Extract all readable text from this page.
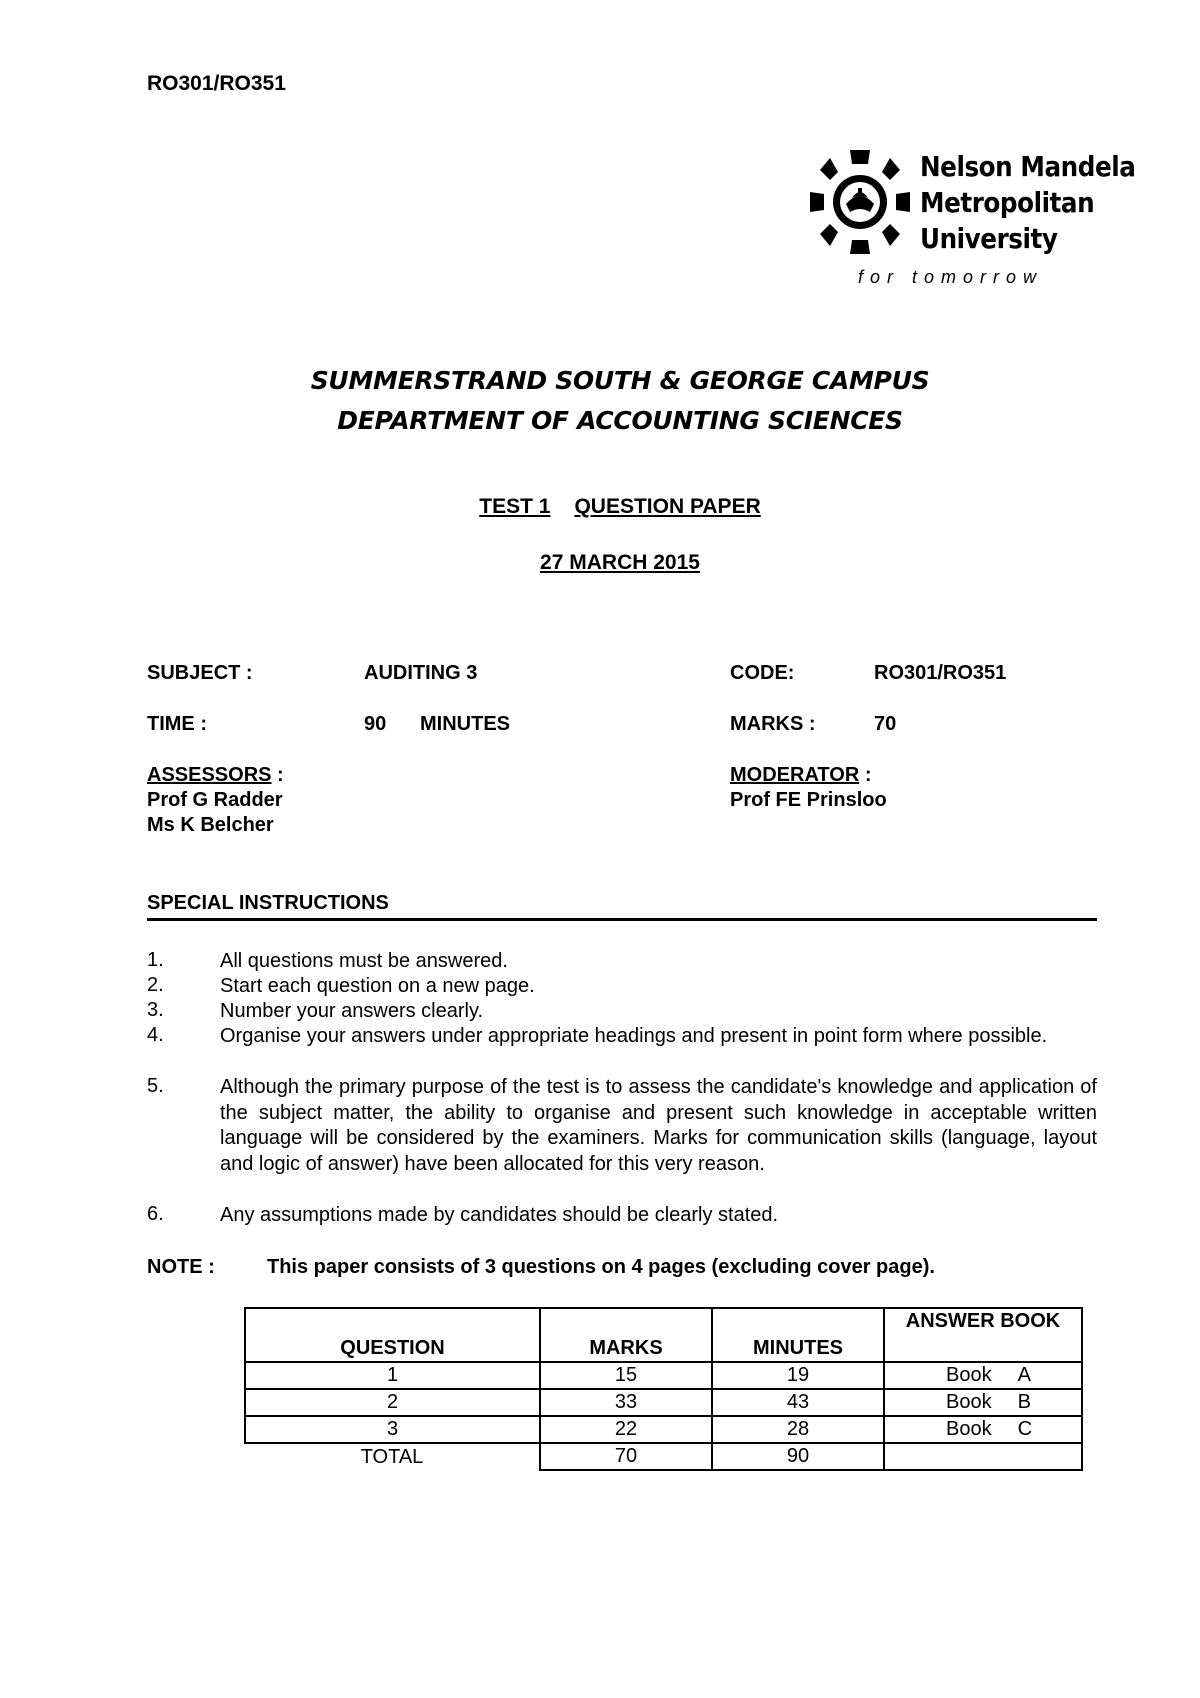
RO301/RO351
Nelson Mandela
Metropolitan
University
for tomorrow
SUMMERSTRAND SOUTH & GEORGE CAMPUS
DEPARTMENT OF ACCOUNTING SCIENCES
TEST 1 QUESTION PAPER
27 MARCH 2015
SUBJECT :	AUDITING 3	CODE:	RO301/RO351
TIME :	90 MINUTES	MARKS :	70
ASSESSORS :
Prof G Radder
Ms K Belcher
MODERATOR :
Prof FE Prinsloo
SPECIAL INSTRUCTIONS
1.	All questions must be answered.
2.	Start each question on a new page.
3.	Number your answers clearly.
4.	Organise your answers under appropriate headings and present in point form where possible.
5.	Although the primary purpose of the test is to assess the candidate's knowledge and application of the subject matter, the ability to organise and present such knowledge in acceptable written language will be considered by the examiners. Marks for communication skills (language, layout and logic of answer) have been allocated for this very reason.
6.	Any assumptions made by candidates should be clearly stated.
NOTE :	This paper consists of 3 questions on 4 pages (excluding cover page).
QUESTION	MARKS	MINUTES	ANSWER BOOK
1	15	19	Book A
2	33	43	Book B
3	22	28	Book C
TOTAL	70	90	
